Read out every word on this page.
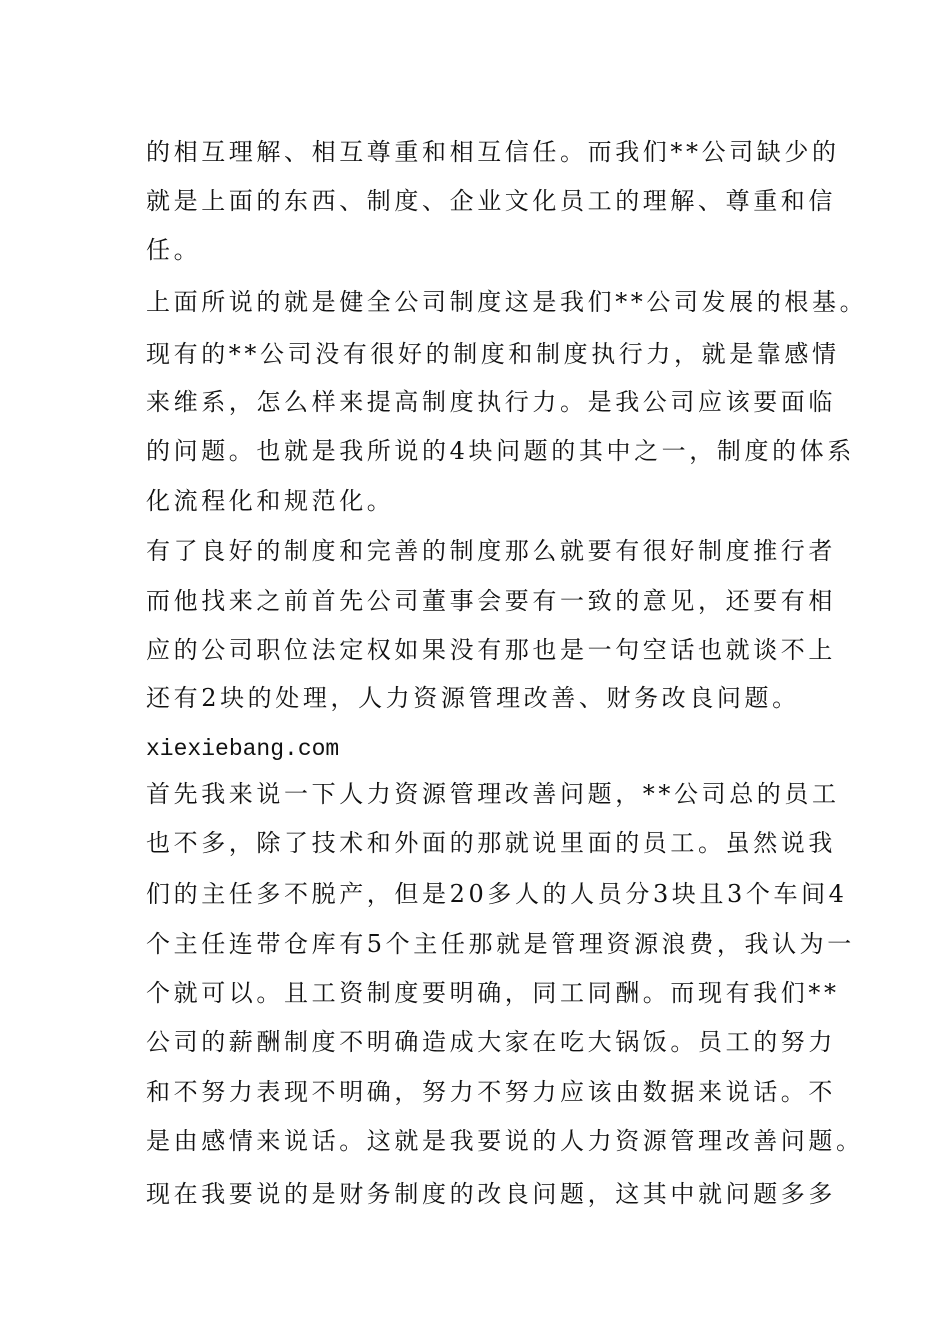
的相互理解、相互尊重和相互信任。而我们**公司缺少的
就是上面的东西、制度、企业文化员工的理解、尊重和信
任。
上面所说的就是健全公司制度这是我们**公司发展的根基。
现有的**公司没有很好的制度和制度执行力，就是靠感情
来维系，怎么样来提高制度执行力。是我公司应该要面临
的问题。也就是我所说的4块问题的其中之一，制度的体系
化流程化和规范化。
有了良好的制度和完善的制度那么就要有很好制度推行者
而他找来之前首先公司董事会要有一致的意见，还要有相
应的公司职位法定权如果没有那也是一句空话也就谈不上
还有2块的处理，人力资源管理改善、财务改良问题。
xiexiebang.com
首先我来说一下人力资源管理改善问题，**公司总的员工
也不多，除了技术和外面的那就说里面的员工。虽然说我
们的主任多不脱产，但是20多人的人员分3块且3个车间4
个主任连带仓库有5个主任那就是管理资源浪费，我认为一
个就可以。且工资制度要明确，同工同酬。而现有我们**
公司的薪酬制度不明确造成大家在吃大锅饭。员工的努力
和不努力表现不明确，努力不努力应该由数据来说话。不
是由感情来说话。这就是我要说的人力资源管理改善问题。
现在我要说的是财务制度的改良问题，这其中就问题多多
